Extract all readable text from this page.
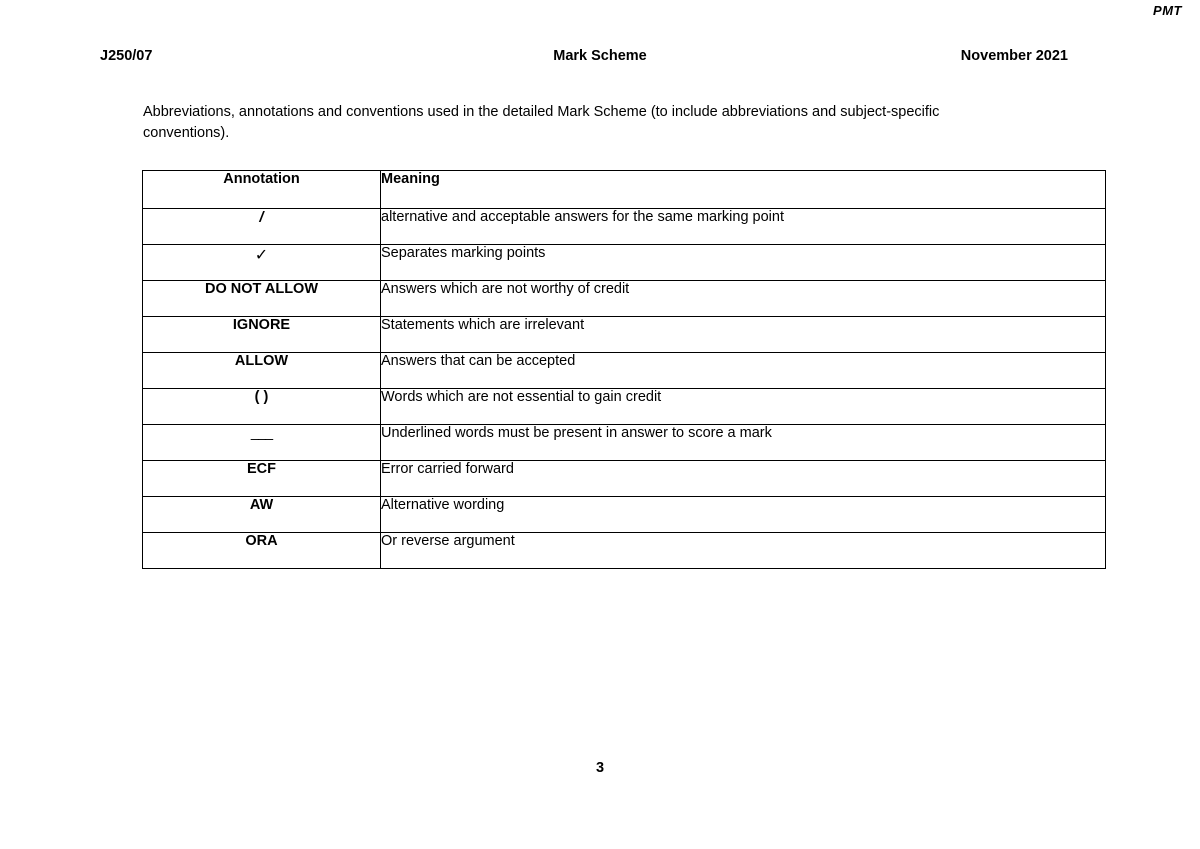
PMT
J250/07	Mark Scheme	November 2021
Abbreviations, annotations and conventions used in the detailed Mark Scheme (to include abbreviations and subject-specific conventions).
Annotation	Meaning
/	alternative and acceptable answers for the same marking point
✓	Separates marking points
DO NOT ALLOW	Answers which are not worthy of credit
IGNORE	Statements which are irrelevant
ALLOW	Answers that can be accepted
( )	Words which are not essential to gain credit
___	Underlined words must be present in answer to score a mark
ECF	Error carried forward
AW	Alternative wording
ORA	Or reverse argument
3
